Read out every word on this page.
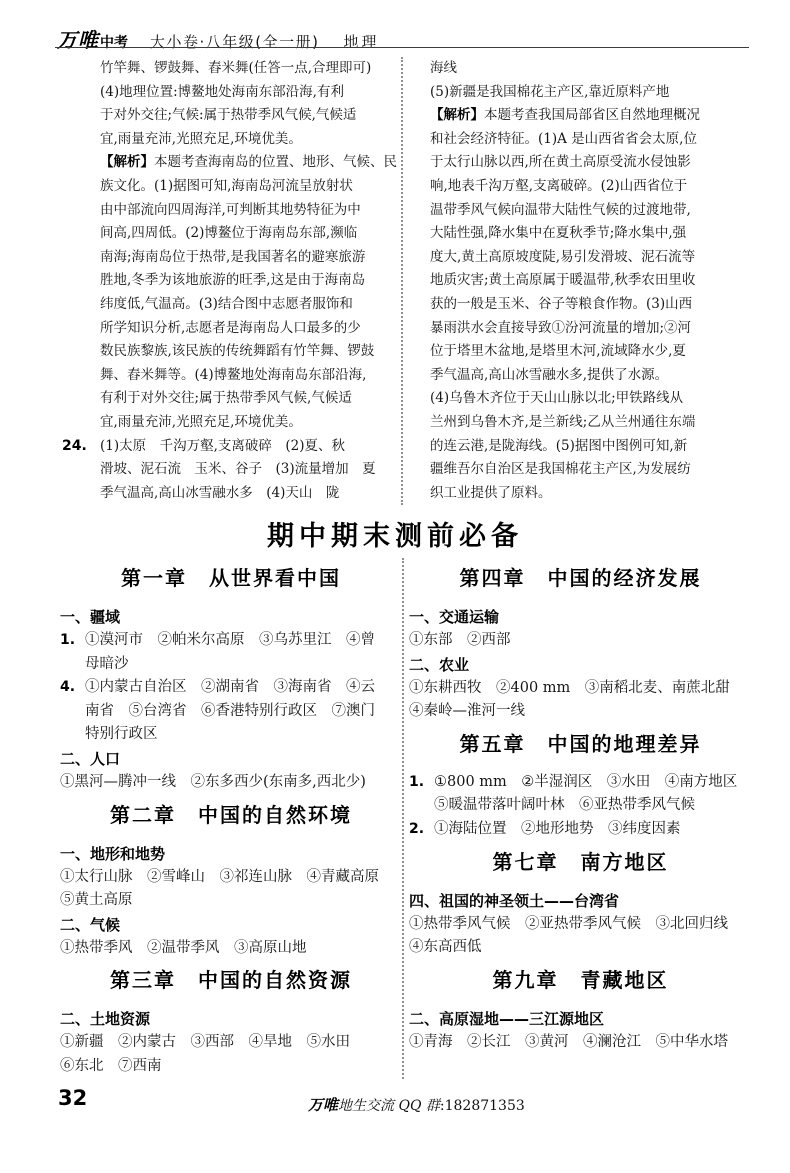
万唯中考 大小卷·八年级(全一册) 地理
竹竿舞、锣鼓舞、舂米舞(任答一点,合理即可)
(4)地理位置:博鳌地处海南东部沿海,有利
于对外交往;气候:属于热带季风气候,气候适
宜,雨量充沛,光照充足,环境优美。
【解析】本题考查海南岛的位置、地形、气候、民
族文化。(1)据图可知,海南岛河流呈放射状
由中部流向四周海洋,可判断其地势特征为中
间高,四周低。(2)博鳌位于海南岛东部,濒临
南海;海南岛位于热带,是我国著名的避寒旅游
胜地,冬季为该地旅游的旺季,这是由于海南岛
纬度低,气温高。(3)结合图中志愿者服饰和
所学知识分析,志愿者是海南岛人口最多的少
数民族黎族,该民族的传统舞蹈有竹竿舞、锣鼓
舞、舂米舞等。(4)博鳌地处海南岛东部沿海,
有利于对外交往;属于热带季风气候,气候适
宜,雨量充沛,光照充足,环境优美。
24. (1)太原　千沟万壑,支离破碎　(2)夏、秋
滑坡、泥石流　玉米、谷子　(3)流量增加　夏
季气温高,高山冰雪融水多　(4)天山　陇
海线
(5)新疆是我国棉花主产区,靠近原料产地
【解析】本题考查我国局部省区自然地理概况
和社会经济特征。(1)A 是山西省省会太原,位
于太行山脉以西,所在黄土高原受流水侵蚀影
响,地表千沟万壑,支离破碎。(2)山西省位于
温带季风气候向温带大陆性气候的过渡地带,
大陆性强,降水集中在夏秋季节;降水集中,强
度大,黄土高原坡度陡,易引发滑坡、泥石流等
地质灾害;黄土高原属于暖温带,秋季农田里收
获的一般是玉米、谷子等粮食作物。(3)山西
暴雨洪水会直接导致①汾河流量的增加;②河
位于塔里木盆地,是塔里木河,流域降水少,夏
季气温高,高山冰雪融水多,提供了水源。
(4)乌鲁木齐位于天山山脉以北;甲铁路线从
兰州到乌鲁木齐,是兰新线;乙从兰州通往东端
的连云港,是陇海线。(5)据图中图例可知,新
疆维吾尔自治区是我国棉花主产区,为发展纺
织工业提供了原料。
期中期末测前必备
第一章　从世界看中国
一、疆域
1. ①漠河市　②帕米尔高原　③乌苏里江　④曾
母暗沙
4. ①内蒙古自治区　②湖南省　③海南省　④云
南省　⑤台湾省　⑥香港特别行政区　⑦澳门
特别行政区
二、人口
①黑河—腾冲一线　②东多西少(东南多,西北少)
第二章　中国的自然环境
一、地形和地势
①太行山脉　②雪峰山　③祁连山脉　④青藏高原
⑤黄土高原
二、气候
①热带季风　②温带季风　③高原山地
第三章　中国的自然资源
二、土地资源
①新疆　②内蒙古　③西部　④旱地　⑤水田
⑥东北　⑦西南
第四章　中国的经济发展
一、交通运输
①东部　②西部
二、农业
①东耕西牧　②400 mm　③南稻北麦、南蔗北甜
④秦岭—淮河一线
第五章　中国的地理差异
1. ①800 mm　②半湿润区　③水田　④南方地区
⑤暖温带落叶阔叶林　⑥亚热带季风气候
2. ①海陆位置　②地形地势　③纬度因素
第七章　南方地区
四、祖国的神圣领土——台湾省
①热带季风气候　②亚热带季风气候　③北回归线
④东高西低
第九章　青藏地区
二、高原湿地——三江源地区
①青海　②长江　③黄河　④澜沧江　⑤中华水塔
32	万唯地生交流 QQ 群:182871353
